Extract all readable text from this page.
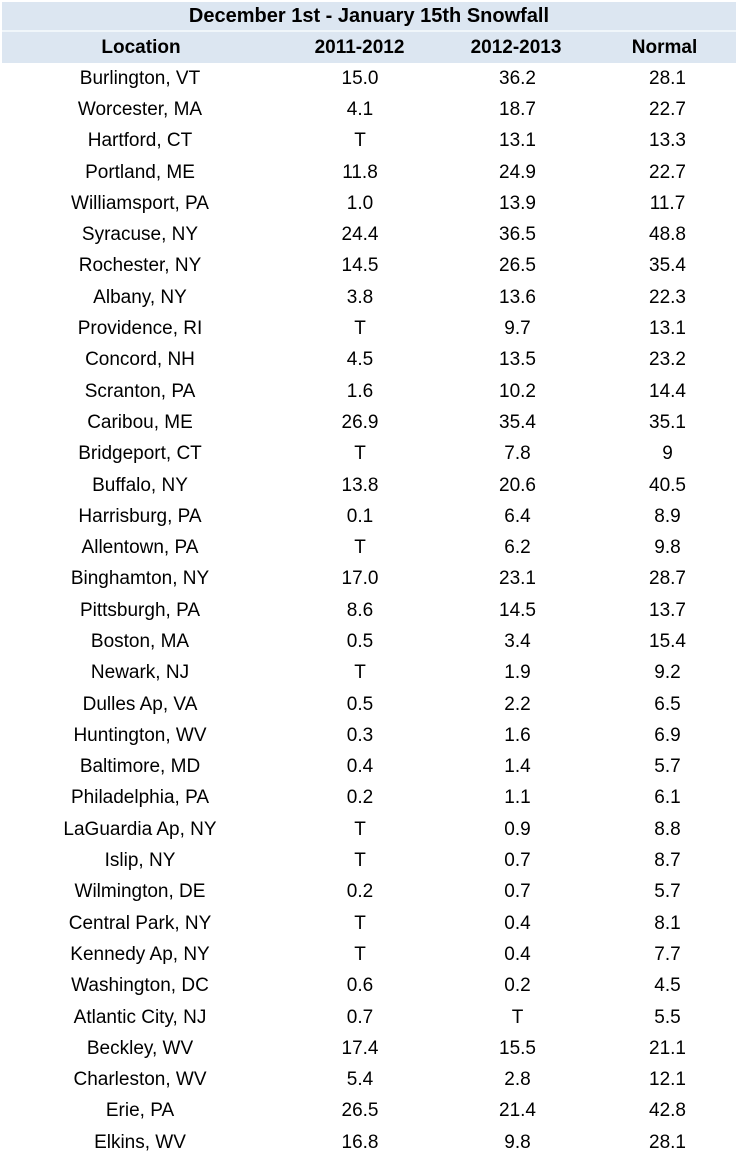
December 1st - January 15th Snowfall
Location	2011-2012	2012-2013	Normal
Burlington, VT	15.0	36.2	28.1
Worcester, MA	4.1	18.7	22.7
Hartford, CT	T	13.1	13.3
Portland, ME	11.8	24.9	22.7
Williamsport, PA	1.0	13.9	11.7
Syracuse, NY	24.4	36.5	48.8
Rochester, NY	14.5	26.5	35.4
Albany, NY	3.8	13.6	22.3
Providence, RI	T	9.7	13.1
Concord, NH	4.5	13.5	23.2
Scranton, PA	1.6	10.2	14.4
Caribou, ME	26.9	35.4	35.1
Bridgeport, CT	T	7.8	9
Buffalo, NY	13.8	20.6	40.5
Harrisburg, PA	0.1	6.4	8.9
Allentown, PA	T	6.2	9.8
Binghamton, NY	17.0	23.1	28.7
Pittsburgh, PA	8.6	14.5	13.7
Boston, MA	0.5	3.4	15.4
Newark, NJ	T	1.9	9.2
Dulles Ap, VA	0.5	2.2	6.5
Huntington, WV	0.3	1.6	6.9
Baltimore, MD	0.4	1.4	5.7
Philadelphia, PA	0.2	1.1	6.1
LaGuardia Ap, NY	T	0.9	8.8
Islip, NY	T	0.7	8.7
Wilmington, DE	0.2	0.7	5.7
Central Park, NY	T	0.4	8.1
Kennedy Ap, NY	T	0.4	7.7
Washington, DC	0.6	0.2	4.5
Atlantic City, NJ	0.7	T	5.5
Beckley, WV	17.4	15.5	21.1
Charleston, WV	5.4	2.8	12.1
Erie, PA	26.5	21.4	42.8
Elkins, WV	16.8	9.8	28.1
